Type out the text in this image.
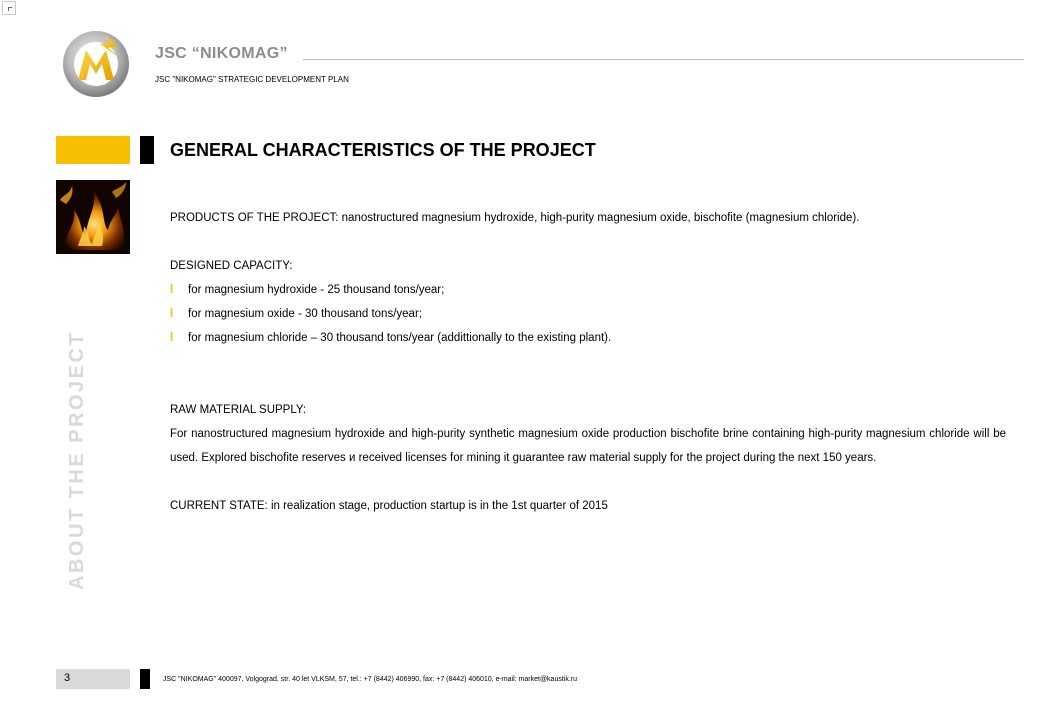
JSC “NIKOMAG”
JSC "NIKOMAG" STRATEGIC DEVELOPMENT PLAN
GENERAL CHARACTERISTICS OF THE PROJECT
ABOUT THE PROJECT

PRODUCTS OF THE PROJECT: nanostructured magnesium hydroxide, high-purity magnesium oxide, bischofite (magnesium chloride).

DESIGNED CAPACITY:

l	for magnesium hydroxide - 25 thousand tons/year;
l	for magnesium oxide - 30 thousand tons/year;
l	for magnesium chloride – 30 thousand tons/year (addittionally to the existing plant).

RAW MATERIAL SUPPLY:

For nanostructured magnesium hydroxide and high-purity synthetic magnesium oxide production bischofite brine containing high-purity magnesium chloride will be used. Explored bischofite reserves и received licenses for mining it guarantee raw material supply for the project during the next 150 years.

CURRENT STATE: in realization stage, production startup is in the 1st quarter of 2015

3	JSC "NIKOMAG" 400097, Volgograd, str. 40 let VLKSM, 57, tel.: +7 (8442) 406990, fax: +7 (8442) 406010, e-mail: market@kaustik.ru
